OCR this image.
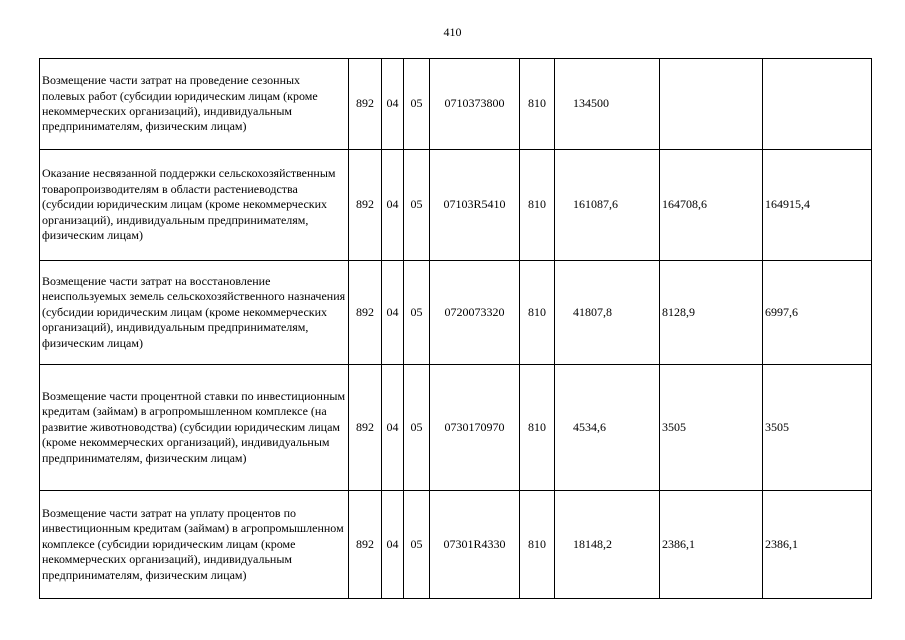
410
Возмещение части затрат на проведение сезонных полевых работ (субсидии юридическим лицам (кроме некоммерческих организаций), индивидуальным предпринимателям, физическим лицам)	892	04	05	0710373800	810	134500		
Оказание несвязанной поддержки сельскохозяйственным товаропроизводителям в области растениеводства (субсидии юридическим лицам (кроме некоммерческих организаций), индивидуальным предпринимателям, физическим лицам)	892	04	05	07103R5410	810	161087,6	164708,6	164915,4
Возмещение части затрат на восстановление неиспользуемых земель сельскохозяйственного назначения (субсидии юридическим лицам (кроме некоммерческих организаций), индивидуальным предпринимателям, физическим лицам)	892	04	05	0720073320	810	41807,8	8128,9	6997,6
Возмещение части процентной ставки по инвестиционным кредитам (займам) в агропромышленном комплексе (на развитие животноводства) (субсидии юридическим лицам (кроме некоммерческих организаций), индивидуальным предпринимателям, физическим лицам)	892	04	05	0730170970	810	4534,6	3505	3505
Возмещение части затрат на уплату процентов по инвестиционным кредитам (займам) в агропромышленном комплексе (субсидии юридическим лицам (кроме некоммерческих организаций), индивидуальным предпринимателям, физическим лицам)	892	04	05	07301R4330	810	18148,2	2386,1	2386,1
